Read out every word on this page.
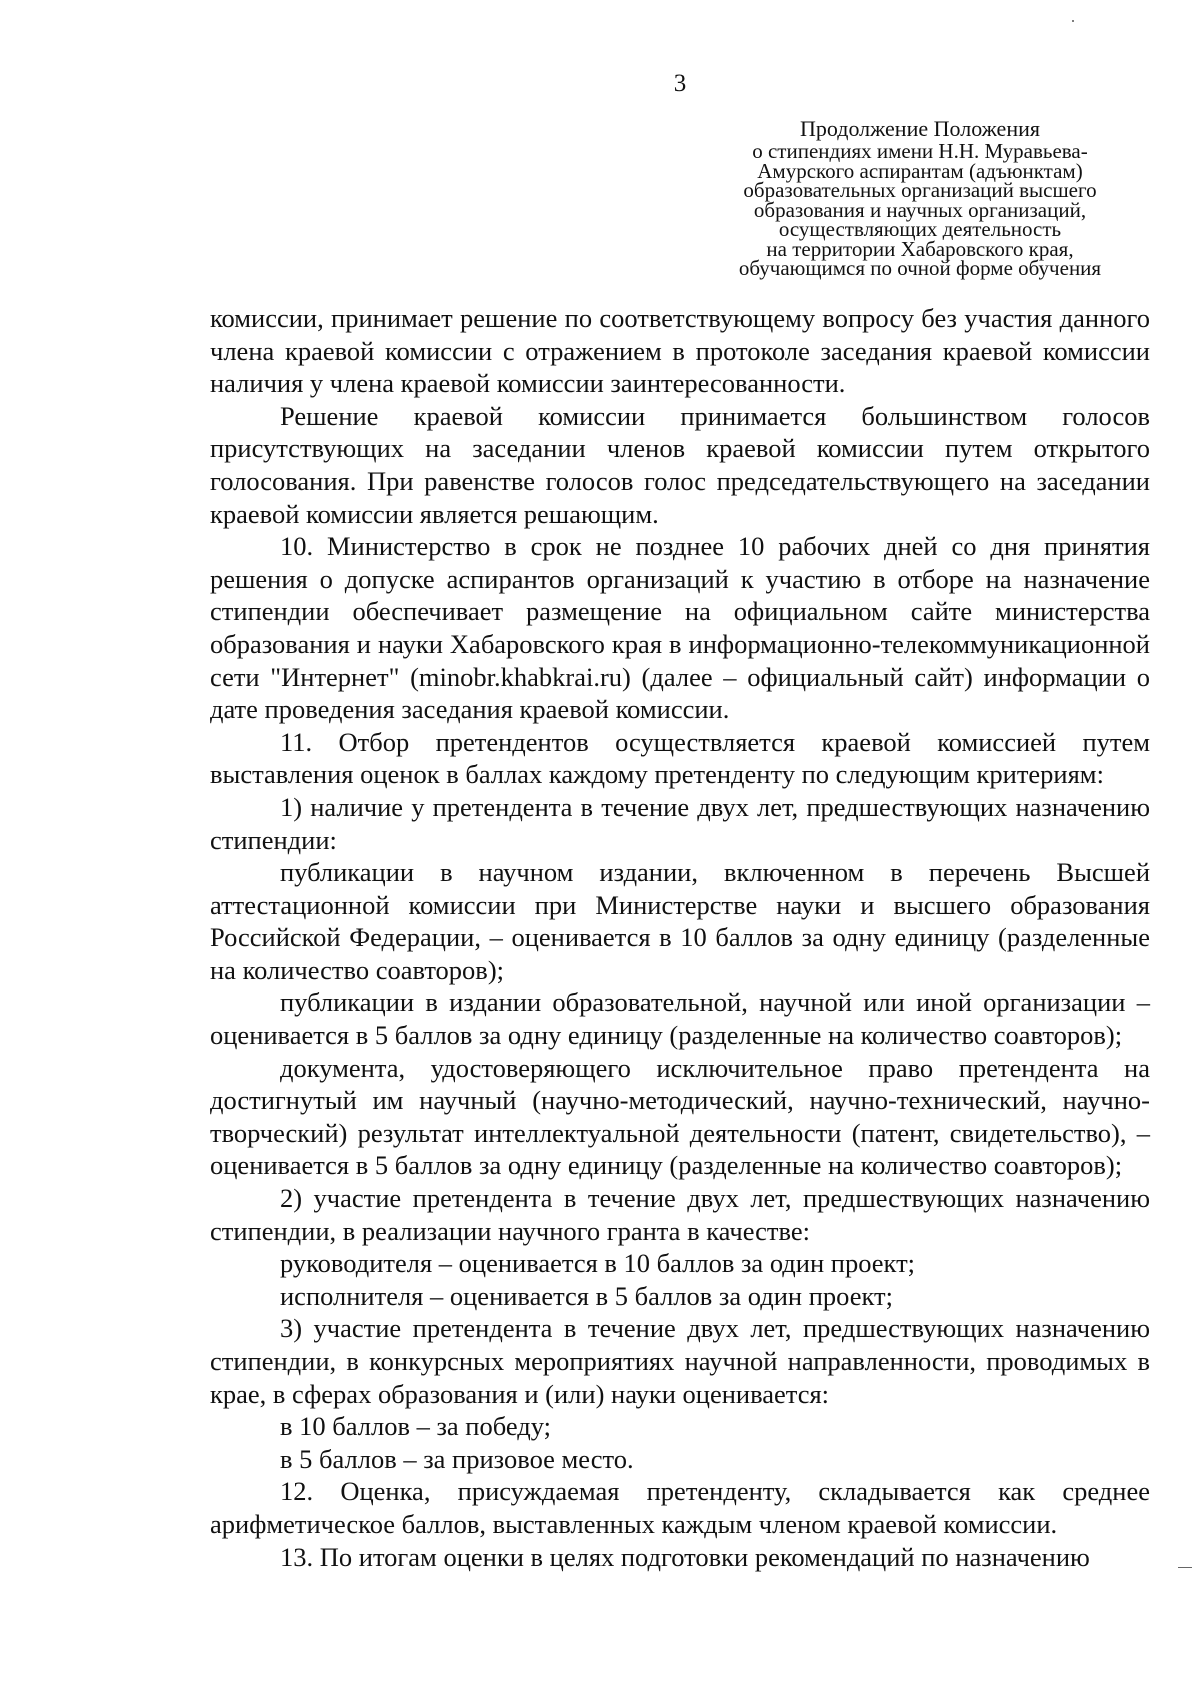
3
Продолжение Положения
о стипендиях имени Н.Н. Муравьева-
Амурского аспирантам (адъюнктам)
образовательных организаций высшего
образования и научных организаций,
осуществляющих деятельность
на территории Хабаровского края,
обучающимся по очной форме обучения

комиссии, принимает решение по соответствующему вопросу без участия данного члена краевой комиссии с отражением в протоколе заседания краевой комиссии наличия у члена краевой комиссии заинтересованности.

Решение краевой комиссии принимается большинством голосов присутствующих на заседании членов краевой комиссии путем открытого голосования. При равенстве голосов голос председательствующего на заседании краевой комиссии является решающим.

10. Министерство в срок не позднее 10 рабочих дней со дня принятия решения о допуске аспирантов организаций к участию в отборе на назначение стипендии обеспечивает размещение на официальном сайте министерства образования и науки Хабаровского края в информационно-телекоммуникационной сети "Интернет" (minobr.khabkrai.ru) (далее – официальный сайт) информации о дате проведения заседания краевой комиссии.

11. Отбор претендентов осуществляется краевой комиссией путем выставления оценок в баллах каждому претенденту по следующим критериям:

1) наличие у претендента в течение двух лет, предшествующих назначению стипендии:

публикации в научном издании, включенном в перечень Высшей аттестационной комиссии при Министерстве науки и высшего образования Российской Федерации, – оценивается в 10 баллов за одну единицу (разделенные на количество соавторов);

публикации в издании образовательной, научной или иной организации – оценивается в 5 баллов за одну единицу (разделенные на количество соавторов);

документа, удостоверяющего исключительное право претендента на достигнутый им научный (научно-методический, научно-технический, научно-творческий) результат интеллектуальной деятельности (патент, свидетельство), – оценивается в 5 баллов за одну единицу (разделенные на количество соавторов);

2) участие претендента в течение двух лет, предшествующих назначению стипендии, в реализации научного гранта в качестве:

руководителя – оценивается в 10 баллов за один проект;

исполнителя – оценивается в 5 баллов за один проект;

3) участие претендента в течение двух лет, предшествующих назначению стипендии, в конкурсных мероприятиях научной направленности, проводимых в крае, в сферах образования и (или) науки оценивается:

в 10 баллов – за победу;

в 5 баллов – за призовое место.

12. Оценка, присуждаемая претенденту, складывается как среднее арифметическое баллов, выставленных каждым членом краевой комиссии.

13. По итогам оценки в целях подготовки рекомендаций по назначению
